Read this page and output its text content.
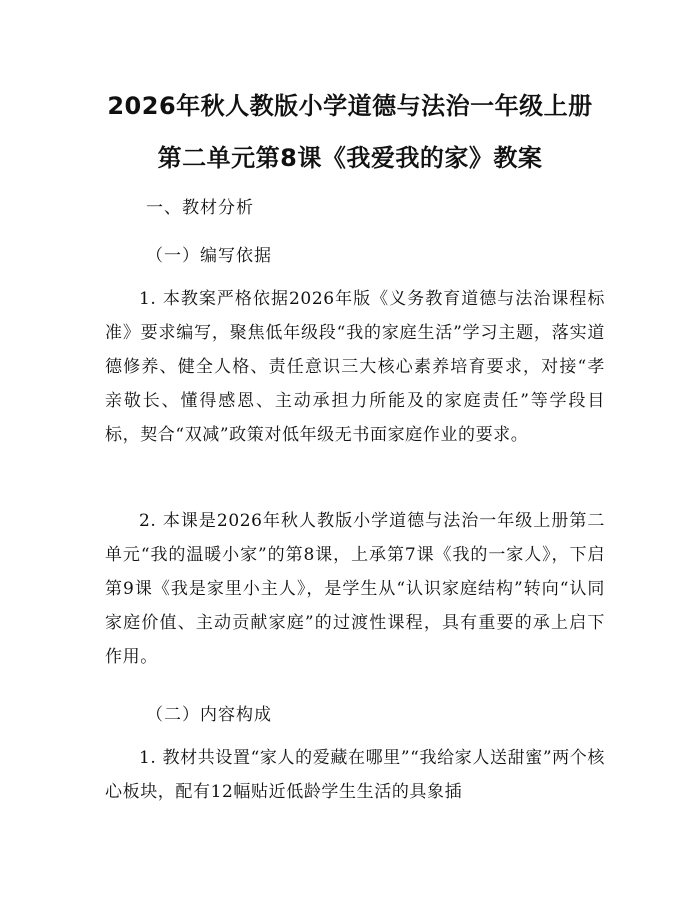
2026年秋人教版小学道德与法治一年级上册
第二单元第8课《我爱我的家》教案
一、教材分析
（一）编写依据

1. 本教案严格依据2026年版《义务教育道德与法治课程标准》要求编写，聚焦低年级段“我的家庭生活”学习主题，落实道德修养、健全人格、责任意识三大核心素养培育要求，对接“孝亲敬长、懂得感恩、主动承担力所能及的家庭责任”等学段目标，契合“双减”政策对低年级无书面家庭作业的要求。

2. 本课是2026年秋人教版小学道德与法治一年级上册第二单元“我的温暖小家”的第8课，上承第7课《我的一家人》，下启第9课《我是家里小主人》，是学生从“认识家庭结构”转向“认同家庭价值、主动贡献家庭”的过渡性课程，具有重要的承上启下作用。

（二）内容构成

1. 教材共设置“家人的爱藏在哪里”“我给家人送甜蜜”两个核心板块，配有12幅贴近低龄学生生活的具象插
